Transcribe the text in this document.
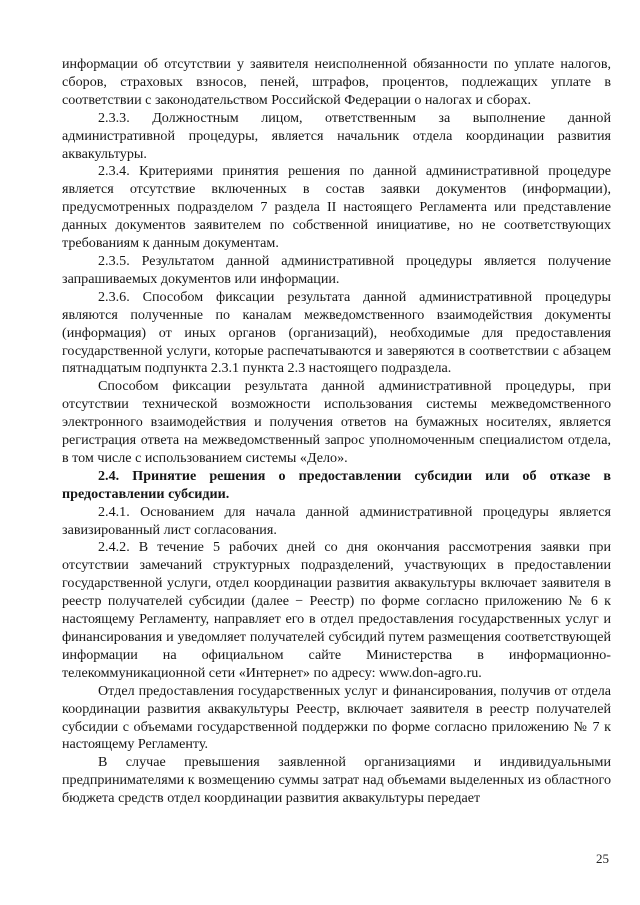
информации об отсутствии у заявителя неисполненной обязанности по уплате налогов, сборов, страховых взносов, пеней, штрафов, процентов, подлежащих уплате в соответствии с законодательством Российской Федерации о налогах и сборах.

2.3.3. Должностным лицом, ответственным за выполнение данной административной процедуры, является начальник отдела координации развития аквакультуры.

2.3.4. Критериями принятия решения по данной административной процедуре является отсутствие включенных в состав заявки документов (информации), предусмотренных подразделом 7 раздела II настоящего Регламента или представление данных документов заявителем по собственной инициативе, но не соответствующих требованиям к данным документам.

2.3.5. Результатом данной административной процедуры является получение запрашиваемых документов или информации.

2.3.6. Способом фиксации результата данной административной процедуры являются полученные по каналам межведомственного взаимодействия документы (информация) от иных органов (организаций), необходимые для предоставления государственной услуги, которые распечатываются и заверяются в соответствии с абзацем пятнадцатым подпункта 2.3.1 пункта 2.3 настоящего подраздела.

Способом фиксации результата данной административной процедуры, при отсутствии технической возможности использования системы межведомственного электронного взаимодействия и получения ответов на бумажных носителях, является регистрация ответа на межведомственный запрос уполномоченным специалистом отдела, в том числе с использованием системы «Дело».

2.4. Принятие решения о предоставлении субсидии или об отказе в предоставлении субсидии.

2.4.1. Основанием для начала данной административной процедуры является завизированный лист согласования.

2.4.2. В течение 5 рабочих дней со дня окончания рассмотрения заявки при отсутствии замечаний структурных подразделений, участвующих в предоставлении государственной услуги, отдел координации развития аквакультуры включает заявителя в реестр получателей субсидии (далее − Реестр) по форме согласно приложению № 6 к настоящему Регламенту, направляет его в отдел предоставления государственных услуг и финансирования и уведомляет получателей субсидий путем размещения соответствующей информации на официальном сайте Министерства в информационно-телекоммуникационной сети «Интернет» по адресу: www.don-agro.ru.

Отдел предоставления государственных услуг и финансирования, получив от отдела координации развития аквакультуры Реестр, включает заявителя в реестр получателей субсидии с объемами государственной поддержки по форме согласно приложению № 7 к настоящему Регламенту.

В случае превышения заявленной организациями и индивидуальными предпринимателями к возмещению суммы затрат над объемами выделенных из областного бюджета средств отдел координации развития аквакультуры передает

25
